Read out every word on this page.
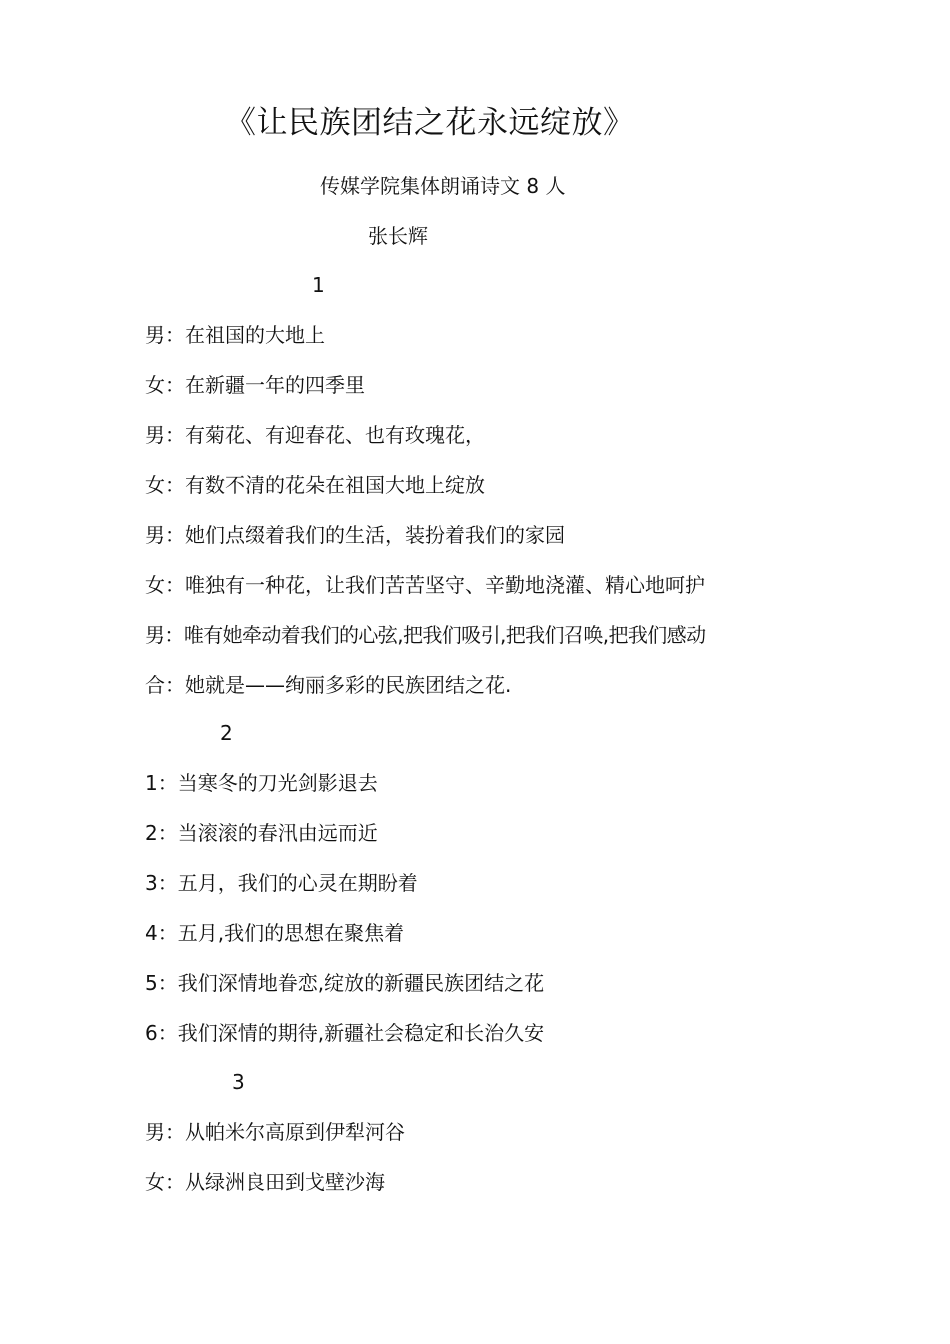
《让民族团结之花永远绽放》
传媒学院集体朗诵诗文 8 人
张长辉
1
男：在祖国的大地上
女：在新疆一年的四季里
男：有菊花、有迎春花、也有玫瑰花，
女：有数不清的花朵在祖国大地上绽放
男：她们点缀着我们的生活，装扮着我们的家园
女：唯独有一种花，让我们苦苦坚守、辛勤地浇灌、精心地呵护
男：唯有她牵动着我们的心弦,把我们吸引,把我们召唤,把我们感动
合：她就是——绚丽多彩的民族团结之花.
2
1：当寒冬的刀光剑影退去
2：当滚滚的春汛由远而近
3：五月，我们的心灵在期盼着
4：五月,我们的思想在聚焦着
5：我们深情地眷恋,绽放的新疆民族团结之花
6：我们深情的期待,新疆社会稳定和长治久安
3
男：从帕米尔高原到伊犁河谷
女：从绿洲良田到戈壁沙海
